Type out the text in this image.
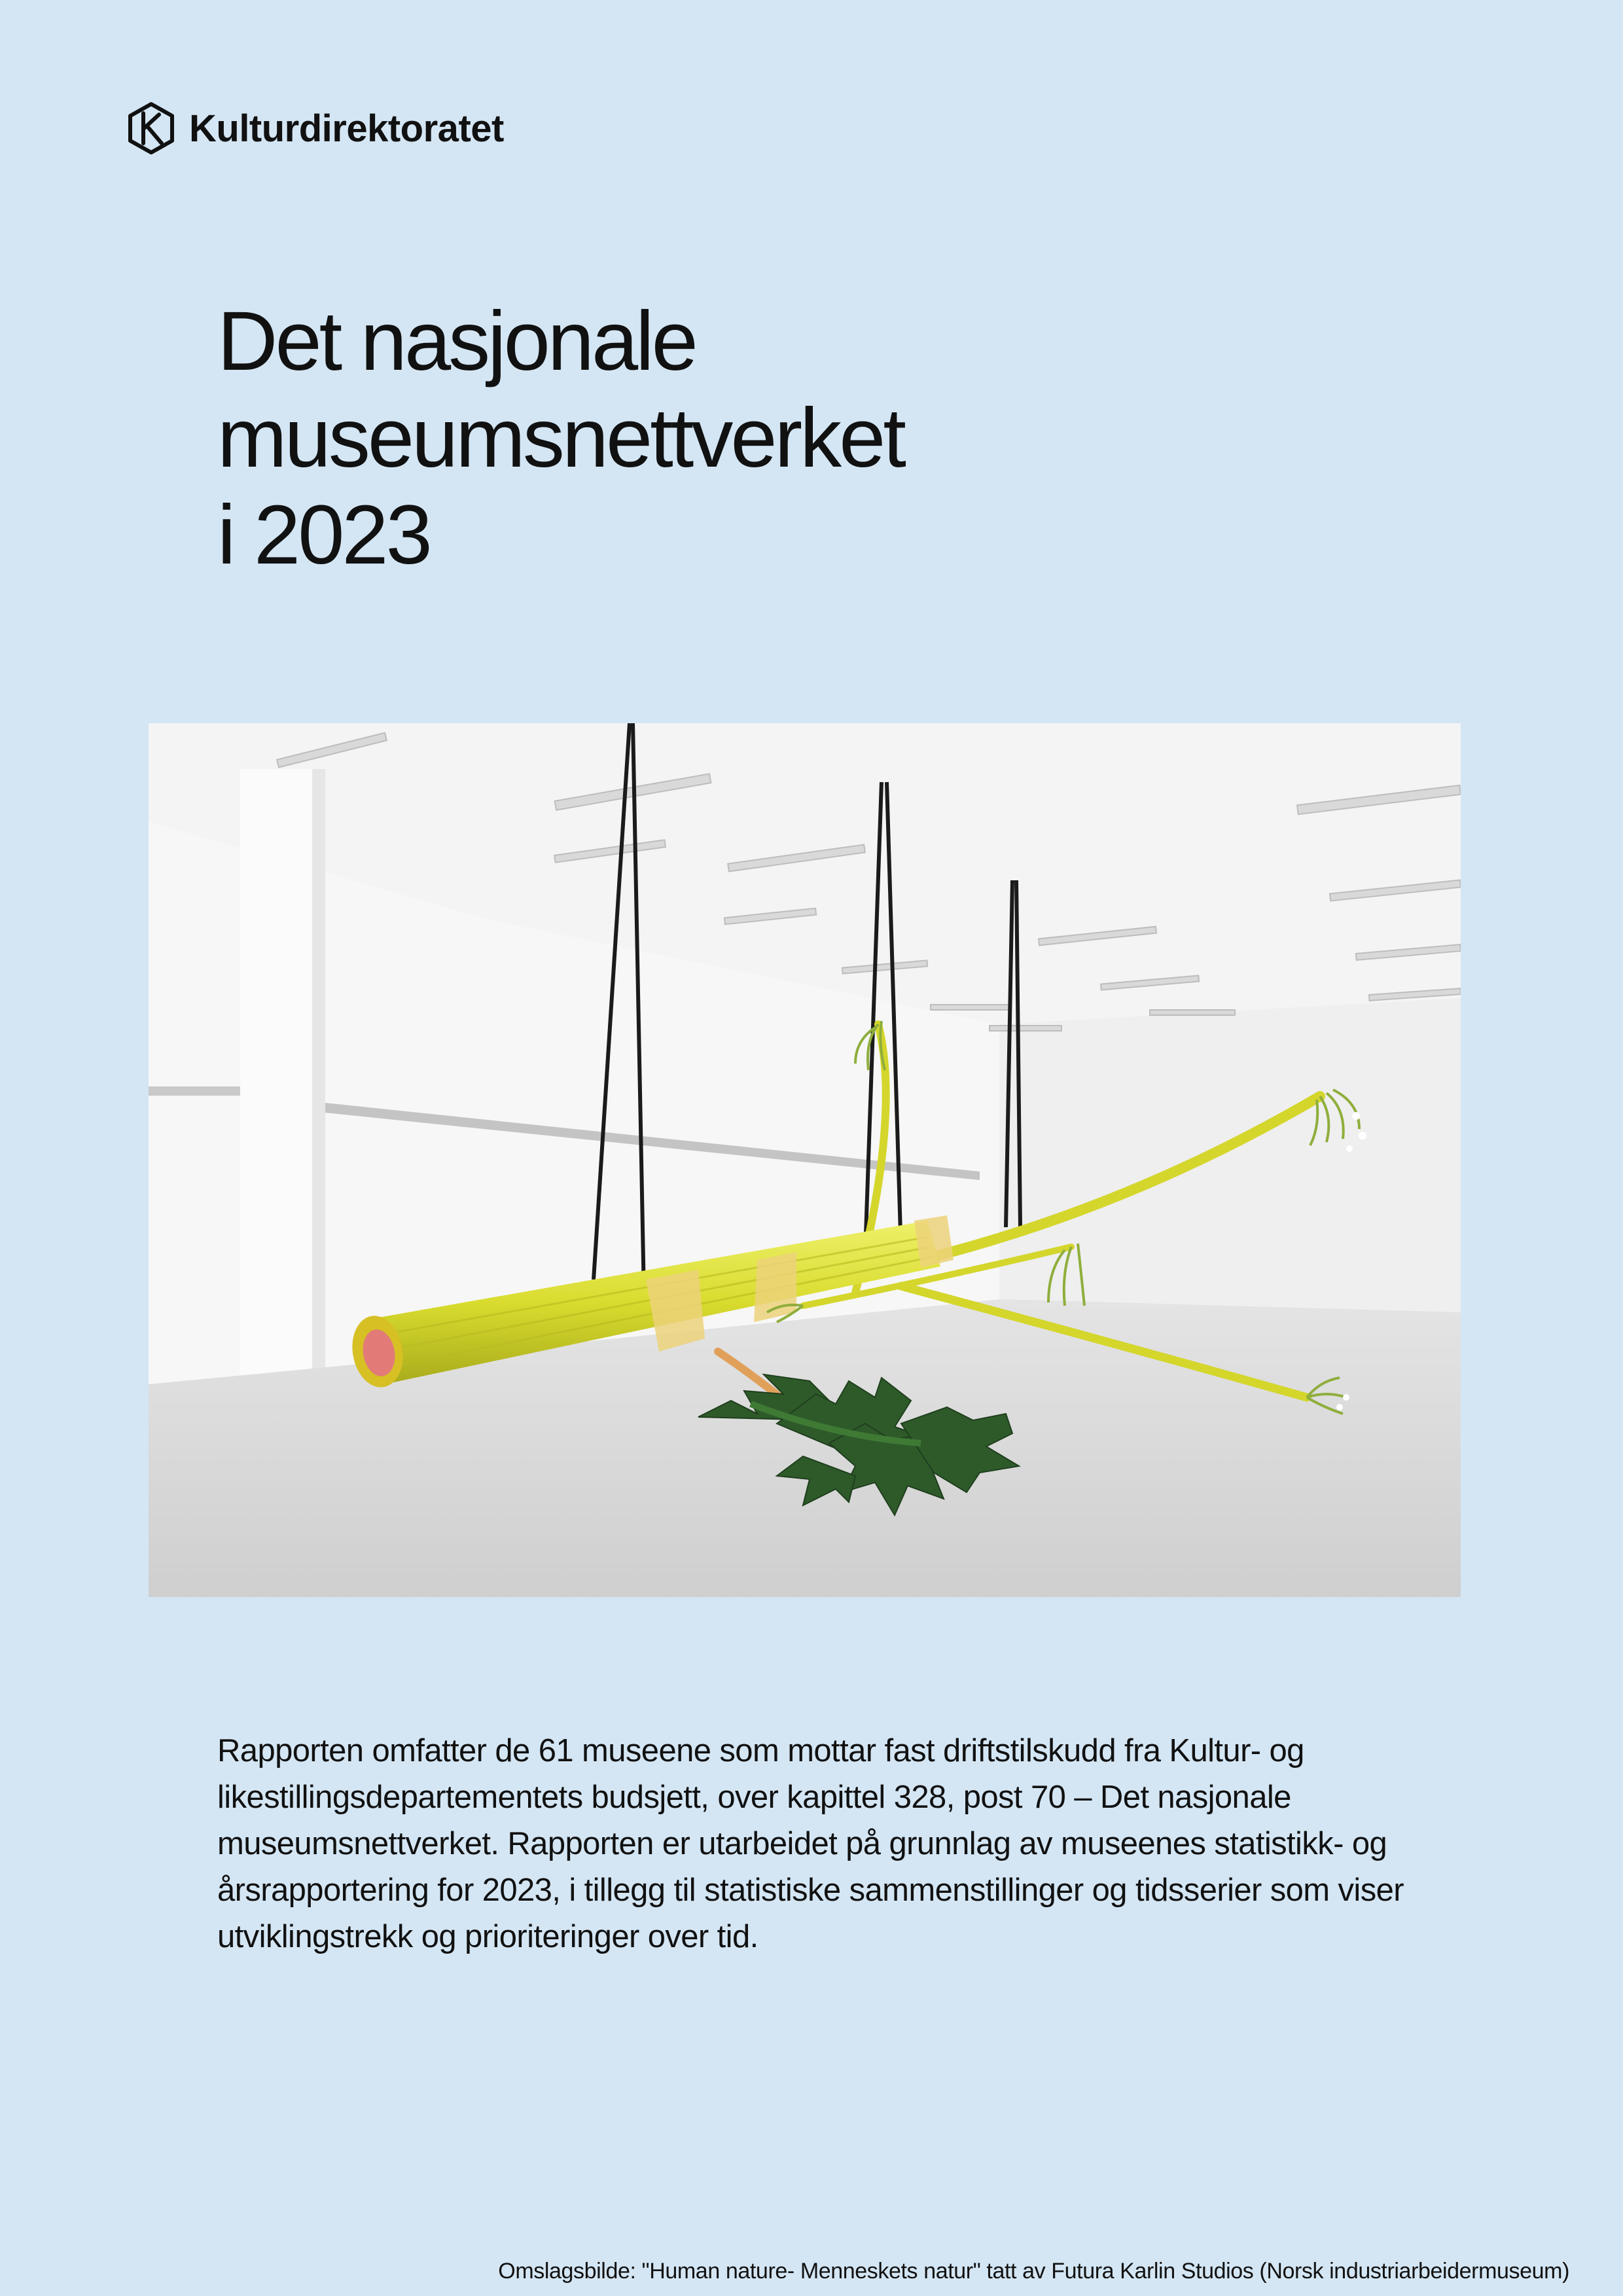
Kulturdirektoratet
Det nasjonale
museumsnettverket
i 2023

Rapporten omfatter de 61 museene som mottar fast driftstilskudd fra Kultur- og likestillingsdepartementets budsjett, over kapittel 328, post 70 – Det nasjonale museumsnettverket. Rapporten er utarbeidet på grunnlag av museenes statistikk- og årsrapportering for 2023, i tillegg til statistiske sammenstillinger og tidsserier som viser utviklingstrekk og prioriteringer over tid.

Omslagsbilde: "Human nature- Menneskets natur" tatt av Futura Karlin Studios (Norsk industriarbeidermuseum)
